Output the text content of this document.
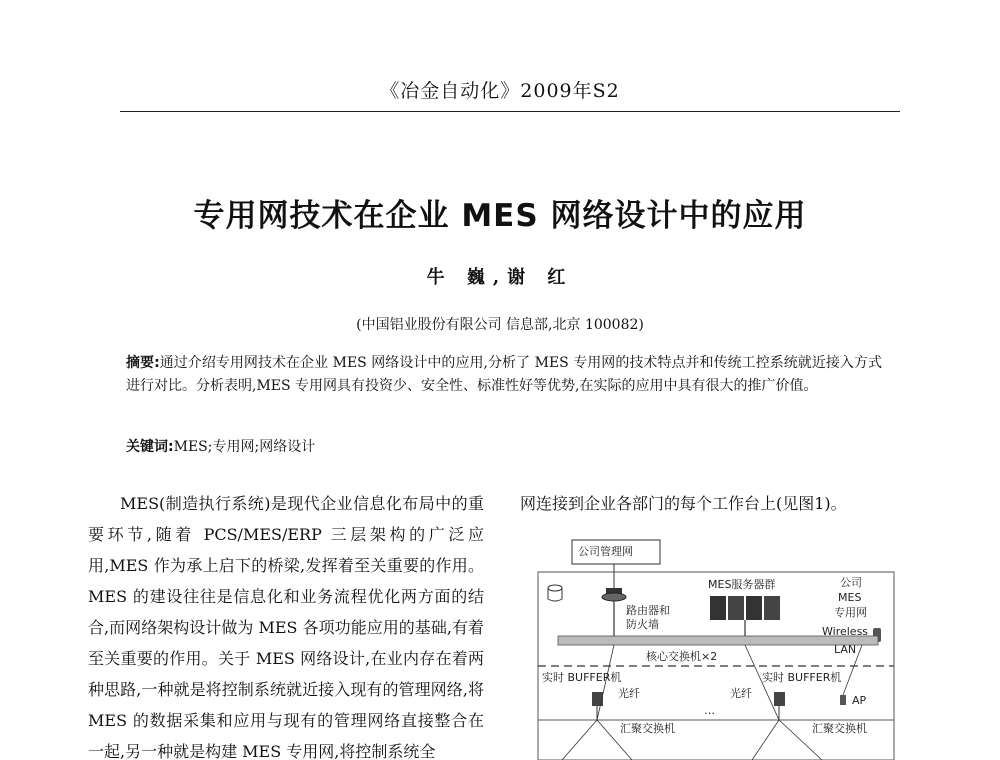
《冶金自动化》2009年S2
专用网技术在企业 MES 网络设计中的应用
牛 巍,谢 红
(中国铝业股份有限公司 信息部,北京 100082)
摘要:通过介绍专用网技术在企业 MES 网络设计中的应用,分析了 MES 专用网的技术特点并和传统工控系统就近接入方式进行对比。分析表明,MES 专用网具有投资少、安全性、标准性好等优势,在实际的应用中具有很大的推广价值。
关键词:MES;专用网;网络设计

MES(制造执行系统)是现代企业信息化布局中的重要环节,随着 PCS/MES/ERP 三层架构的广泛应用,MES 作为承上启下的桥梁,发挥着至关重要的作用。MES 的建设往往是信息化和业务流程优化两方面的结合,而网络架构设计做为 MES 各项功能应用的基础,有着至关重要的作用。关于 MES 网络设计,在业内存在着两种思路,一种就是将控制系统就近接入现有的管理网络,将 MES 的数据采集和应用与现有的管理网络直接整合在一起,另一种就是构建 MES 专用网,将控制系统全

网连接到企业各部门的每个工作台上(见图1)。
公司管理网
路由器和
防火墙
MES服务器群	公司
MES
专用网
Wireless
LAN
核心交换机×2
实时 BUFFER机	实时 BUFFER机
光纤	光纤
AP
…
汇聚交换机	汇聚交换机
